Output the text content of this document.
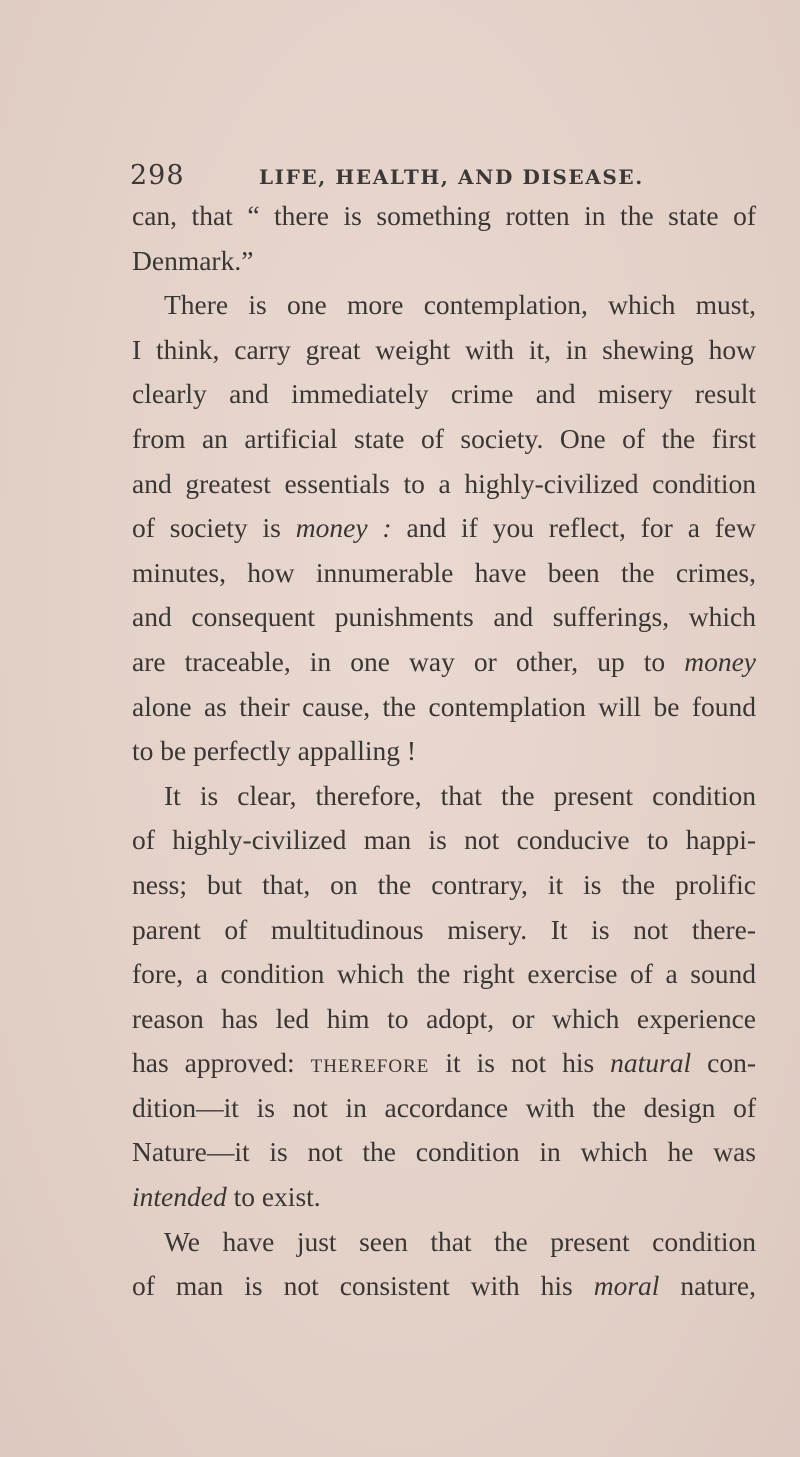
298	LIFE, HEALTH, AND DISEASE.
can, that “ there is something rotten in the state of
Denmark.”
There is one more contemplation, which must,
I think, carry great weight with it, in shewing how
clearly and immediately crime and misery result
from an artificial state of society. One of the first
and greatest essentials to a highly-civilized condition
of society is money : and if you reflect, for a few
minutes, how innumerable have been the crimes,
and consequent punishments and sufferings, which
are traceable, in one way or other, up to money
alone as their cause, the contemplation will be found
to be perfectly appalling !
It is clear, therefore, that the present condition
of highly-civilized man is not conducive to happi-
ness; but that, on the contrary, it is the prolific
parent of multitudinous misery. It is not there-
fore, a condition which the right exercise of a sound
reason has led him to adopt, or which experience
has approved: therefore it is not his natural con-
dition—it is not in accordance with the design of
Nature—it is not the condition in which he was
intended to exist.
We have just seen that the present condition
of man is not consistent with his moral nature,
